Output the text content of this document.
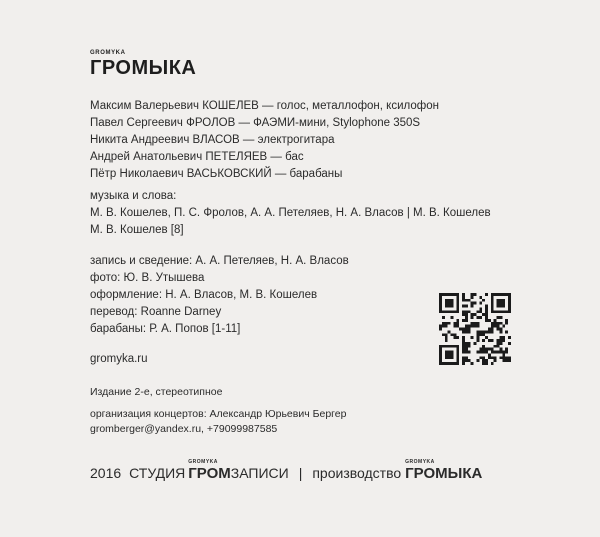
GROMYKA
ГРОМЫКА
Максим Валерьевич КОШЕЛЕВ — голос, металлофон, ксилофон
Павел Сергеевич ФРОЛОВ — ФАЭМИ-мини, Stylophone 350S
Никита Андреевич ВЛАСОВ — электрогитара
Андрей Анатольевич ПЕТЕЛЯЕВ — бас
Пётр Николаевич ВАСЬКОВСКИЙ — барабаны
музыка и слова:
М. В. Кошелев, П. С. Фролов, А. А. Петеляев, Н. А. Власов | М. В. Кошелев
М. В. Кошелев [8]
запись и сведение: А. А. Петеляев, Н. А. Власов
фото: Ю. В. Утышева
оформление: Н. А. Власов, М. В. Кошелев
перевод: Roanne Darney
барабаны: Р. А. Попов [1-11]
gromyka.ru
Издание 2-е, стереотипное
организация концертов: Александр Юрьевич Бергер
gromberger@yandex.ru, +79099987585
2016 СТУДИЯ
GROMYKA
ГРОМ ЗАПИСИ | производство
GROMYKA
ГРОМЫКА
